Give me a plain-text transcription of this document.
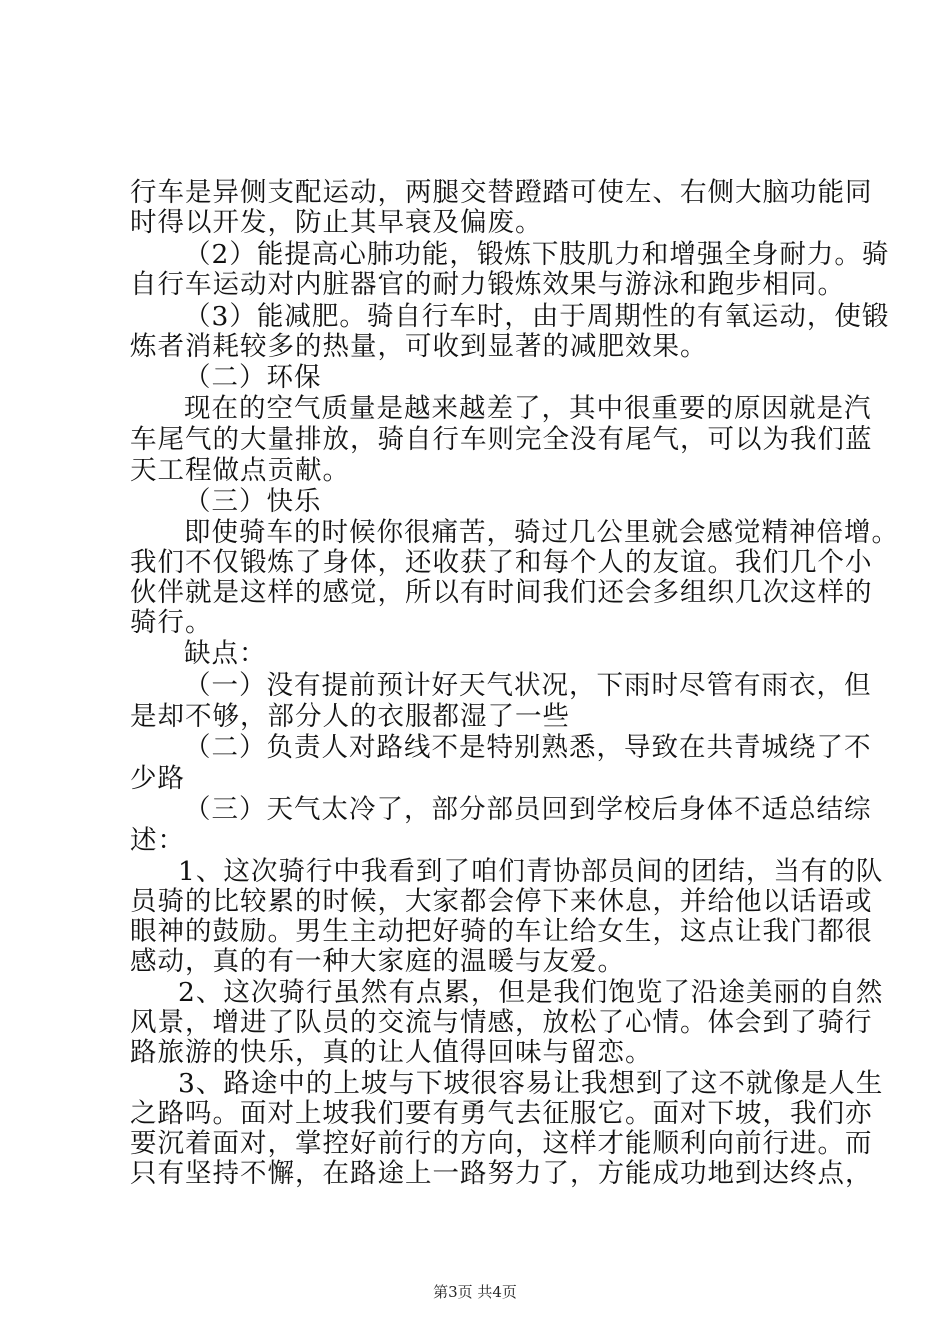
行车是异侧支配运动，两腿交替蹬踏可使左、右侧大脑功能同
时得以开发，防止其早衰及偏废。
（2）能提高心肺功能，锻炼下肢肌力和增强全身耐力。骑
自行车运动对内脏器官的耐力锻炼效果与游泳和跑步相同。
（3）能减肥。骑自行车时，由于周期性的有氧运动，使锻
炼者消耗较多的热量，可收到显著的减肥效果。
（二）环保
现在的空气质量是越来越差了，其中很重要的原因就是汽
车尾气的大量排放，骑自行车则完全没有尾气，可以为我们蓝
天工程做点贡献。
（三）快乐
即使骑车的时候你很痛苦，骑过几公里就会感觉精神倍增。
我们不仅锻炼了身体，还收获了和每个人的友谊。我们几个小
伙伴就是这样的感觉，所以有时间我们还会多组织几次这样的
骑行。
缺点：
（一）没有提前预计好天气状况，下雨时尽管有雨衣，但
是却不够，部分人的衣服都湿了一些
（二）负责人对路线不是特别熟悉，导致在共青城绕了不
少路
（三）天气太冷了，部分部员回到学校后身体不适总结综
述：
1、这次骑行中我看到了咱们青协部员间的团结，当有的队
员骑的比较累的时候，大家都会停下来休息，并给他以话语或
眼神的鼓励。男生主动把好骑的车让给女生，这点让我门都很
感动，真的有一种大家庭的温暖与友爱。
2、这次骑行虽然有点累，但是我们饱览了沿途美丽的自然
风景，增进了队员的交流与情感，放松了心情。体会到了骑行
路旅游的快乐，真的让人值得回味与留恋。
3、路途中的上坡与下坡很容易让我想到了这不就像是人生
之路吗。面对上坡我们要有勇气去征服它。面对下坡，我们亦
要沉着面对，掌控好前行的方向，这样才能顺利向前行进。而
只有坚持不懈，在路途上一路努力了，方能成功地到达终点，
第3页 共4页
